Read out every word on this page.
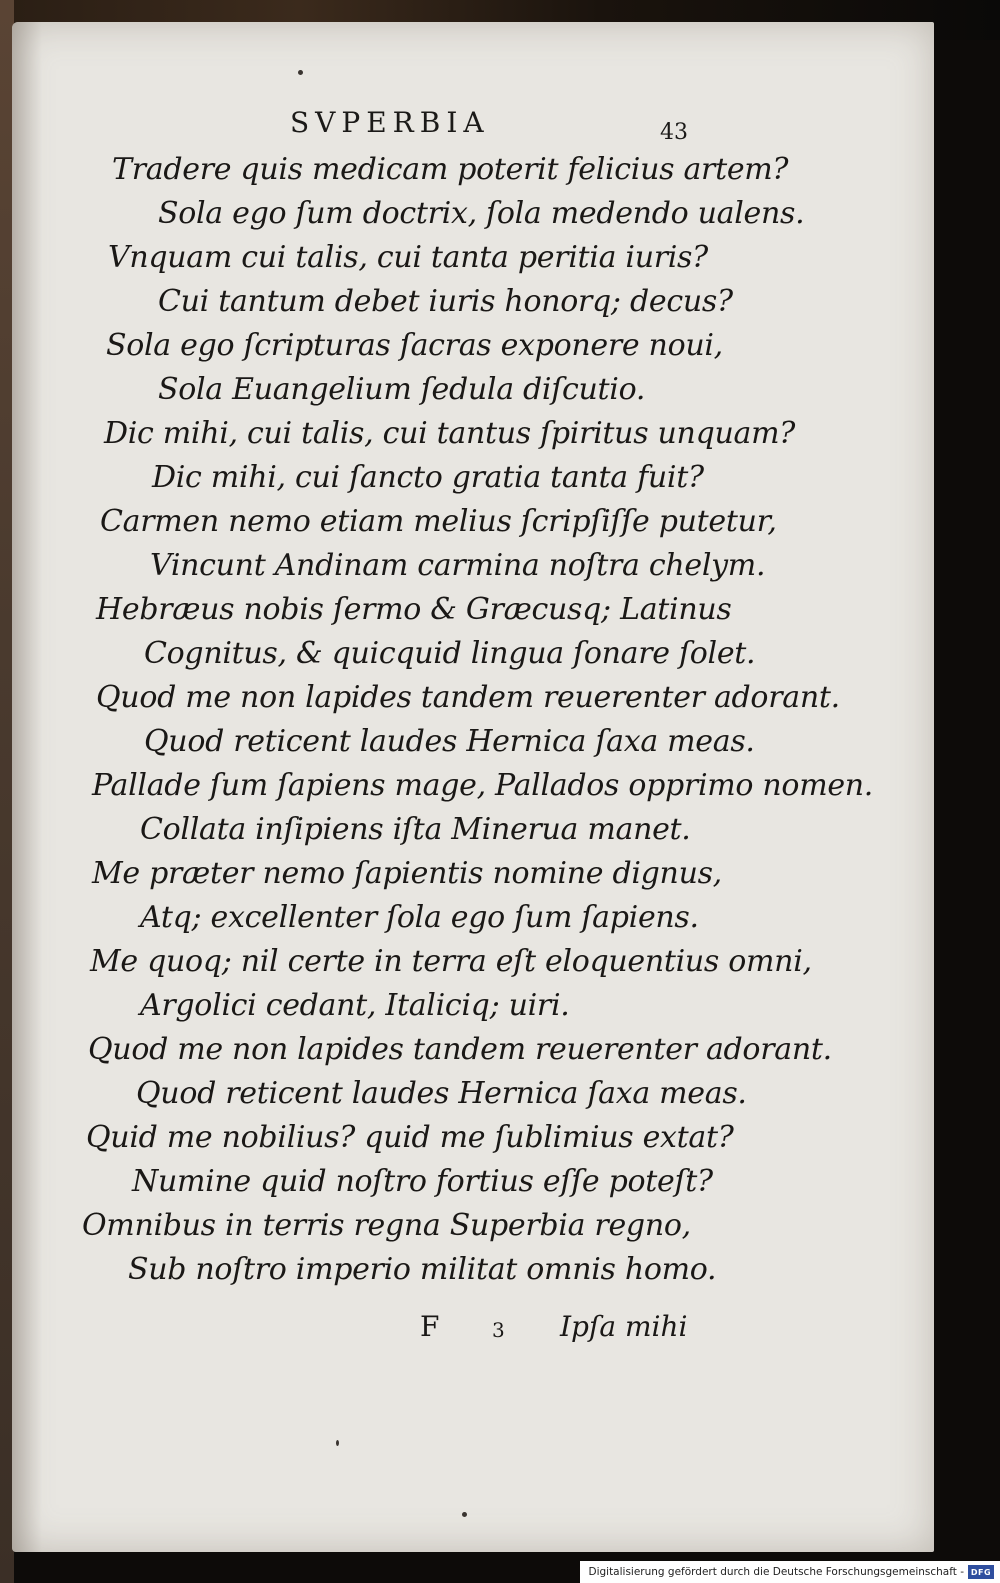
SVPERBIA	43

Tradere quis medicam poterit felicius artem?

Sola ego ſum doctrix, ſola medendo ualens.

Vnquam cui talis, cui tanta peritia iuris?

Cui tantum debet iuris honorq; decus?

Sola ego ſcripturas ſacras exponere noui,

Sola Euangelium ſedula diſcutio.

Dic mihi, cui talis, cui tantus ſpiritus unquam?

Dic mihi, cui ſancto gratia tanta fuit?

Carmen nemo etiam melius ſcripſiſſe putetur,

Vincunt Andinam carmina noſtra chelym.

Hebræus nobis ſermo & Græcusq; Latinus

Cognitus, & quicquid lingua ſonare ſolet.

Quod me non lapides tandem reuerenter adorant.

Quod reticent laudes Hernica ſaxa meas.

Pallade ſum ſapiens mage, Pallados opprimo nomen.

Collata inſipiens iſta Minerua manet.

Me præter nemo ſapientis nomine dignus,

Atq; excellenter ſola ego ſum ſapiens.

Me quoq; nil certe in terra eſt eloquentius omni,

Argolici cedant, Italiciq; uiri.

Quod me non lapides tandem reuerenter adorant.

Quod reticent laudes Hernica ſaxa meas.

Quid me nobilius? quid me ſublimius extat?

Numine quid noſtro fortius eſſe poteſt?

Omnibus in terris regna Superbia regno,

Sub noſtro imperio militat omnis homo.

F	3 Ipſa mihi
Digitalisierung gefördert durch die Deutsche Forschungsgemeinschaft - DFG
